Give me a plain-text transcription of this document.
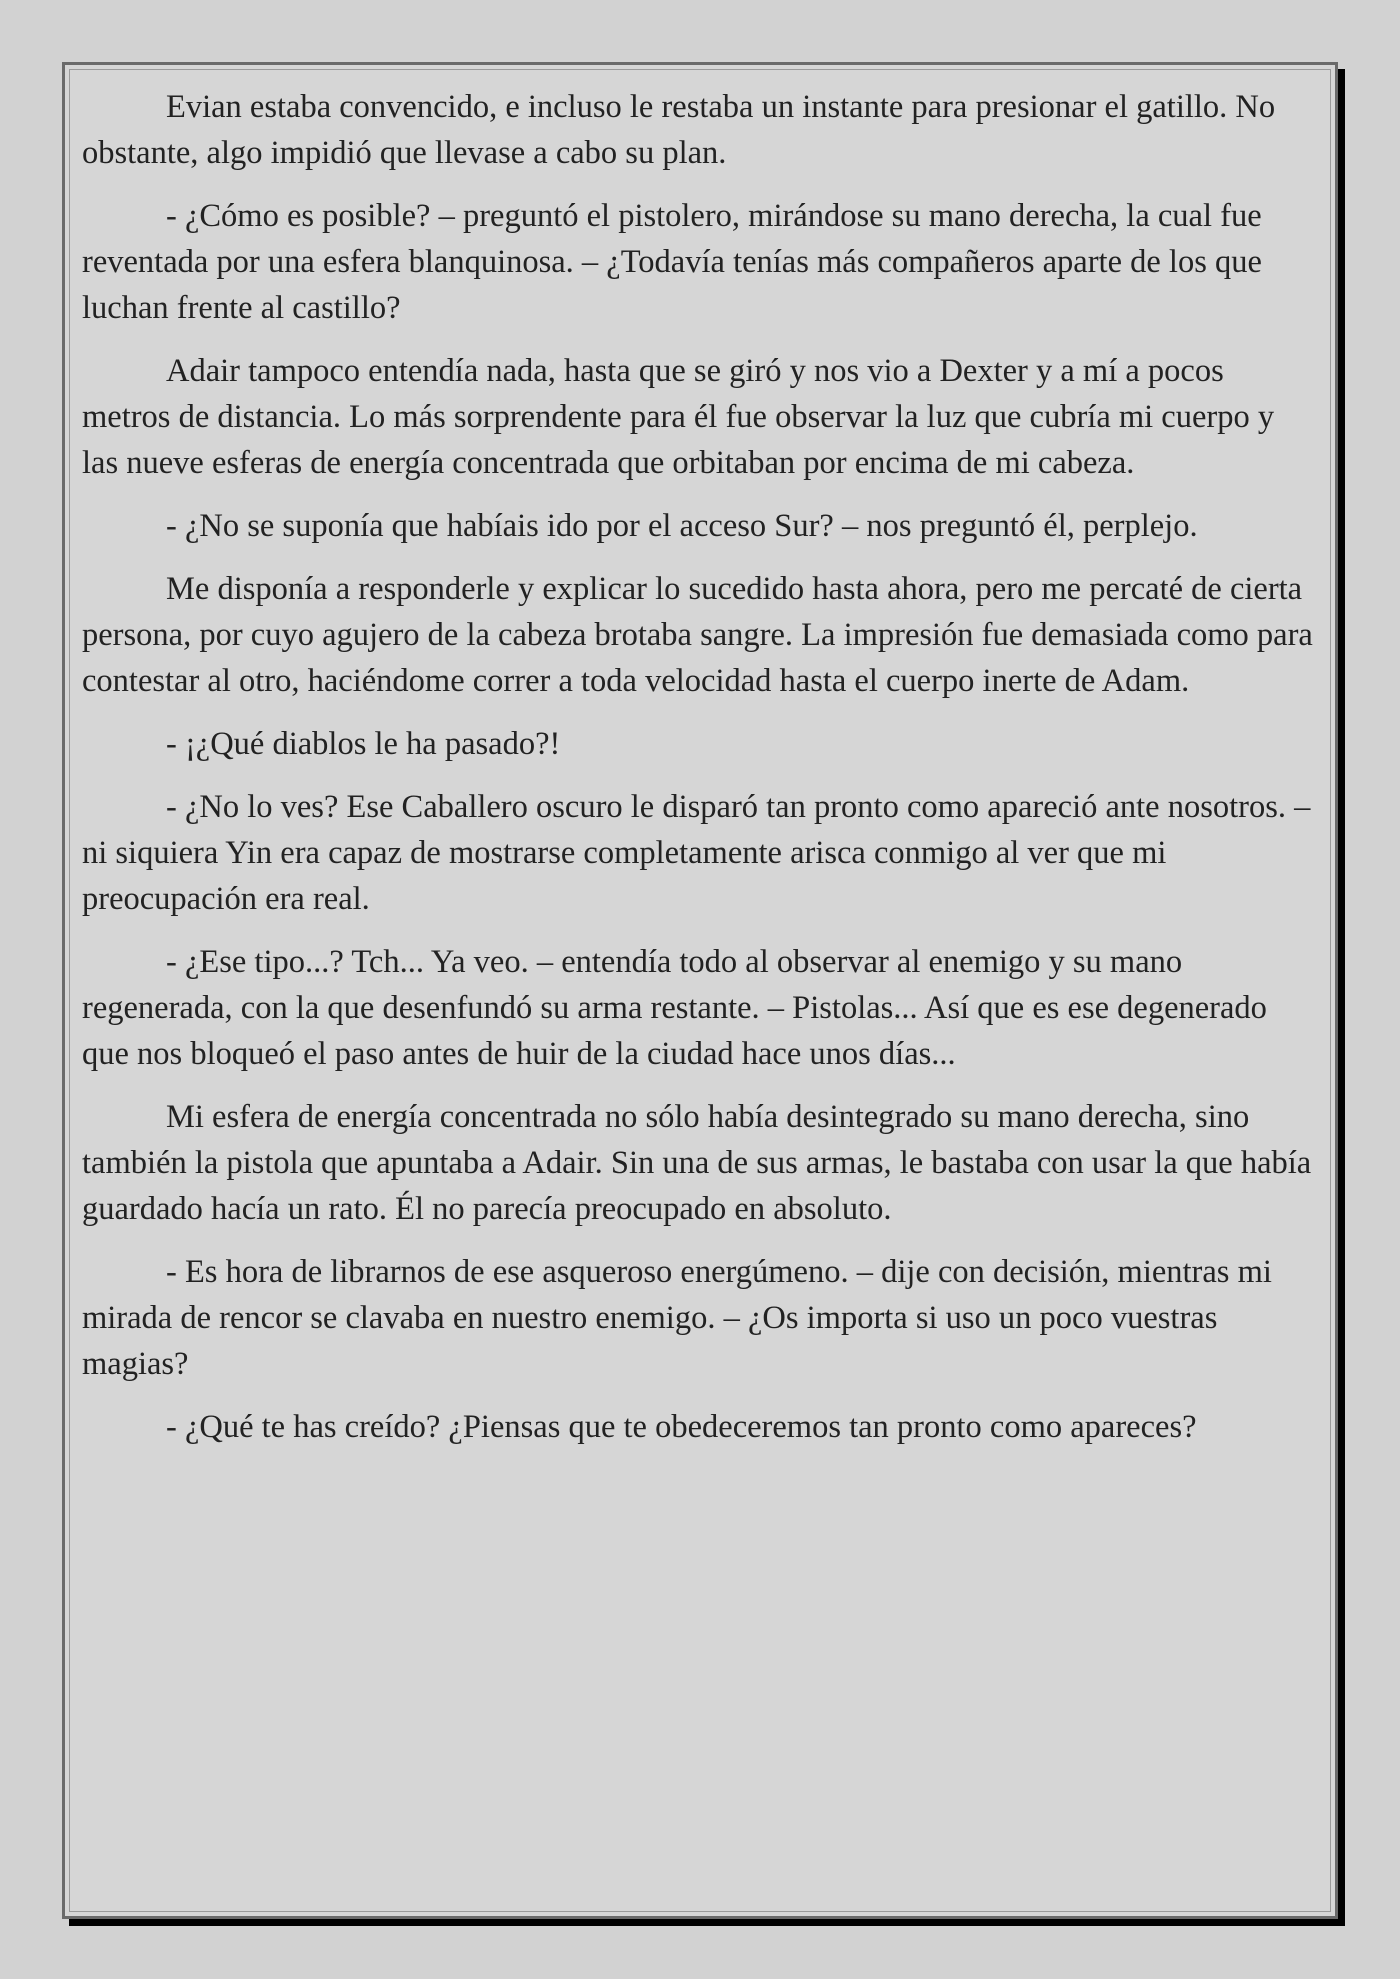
Evian estaba convencido, e incluso le restaba un instante para presionar el gatillo. No obstante, algo impidió que llevase a cabo su plan.

- ¿Cómo es posible? – preguntó el pistolero, mirándose su mano derecha, la cual fue reventada por una esfera blanquinosa. – ¿Todavía tenías más compañeros aparte de los que luchan frente al castillo?

Adair tampoco entendía nada, hasta que se giró y nos vio a Dexter y a mí a pocos metros de distancia. Lo más sorprendente para él fue observar la luz que cubría mi cuerpo y las nueve esferas de energía concentrada que orbitaban por encima de mi cabeza.

- ¿No se suponía que habíais ido por el acceso Sur? – nos preguntó él, perplejo.

Me disponía a responderle y explicar lo sucedido hasta ahora, pero me percaté de cierta persona, por cuyo agujero de la cabeza brotaba sangre. La impresión fue demasiada como para contestar al otro, haciéndome correr a toda velocidad hasta el cuerpo inerte de Adam.

- ¡¿Qué diablos le ha pasado?!

- ¿No lo ves? Ese Caballero oscuro le disparó tan pronto como apareció ante nosotros. – ni siquiera Yin era capaz de mostrarse completamente arisca conmigo al ver que mi preocupación era real.

- ¿Ese tipo...? Tch... Ya veo. – entendía todo al observar al enemigo y su mano regenerada, con la que desenfundó su arma restante. – Pistolas... Así que es ese degenerado que nos bloqueó el paso antes de huir de la ciudad hace unos días...

Mi esfera de energía concentrada no sólo había desintegrado su mano derecha, sino también la pistola que apuntaba a Adair. Sin una de sus armas, le bastaba con usar la que había guardado hacía un rato. Él no parecía preocupado en absoluto.

- Es hora de librarnos de ese asqueroso energúmeno. – dije con decisión, mientras mi mirada de rencor se clavaba en nuestro enemigo. – ¿Os importa si uso un poco vuestras magias?

- ¿Qué te has creído? ¿Piensas que te obedeceremos tan pronto como apareces?
